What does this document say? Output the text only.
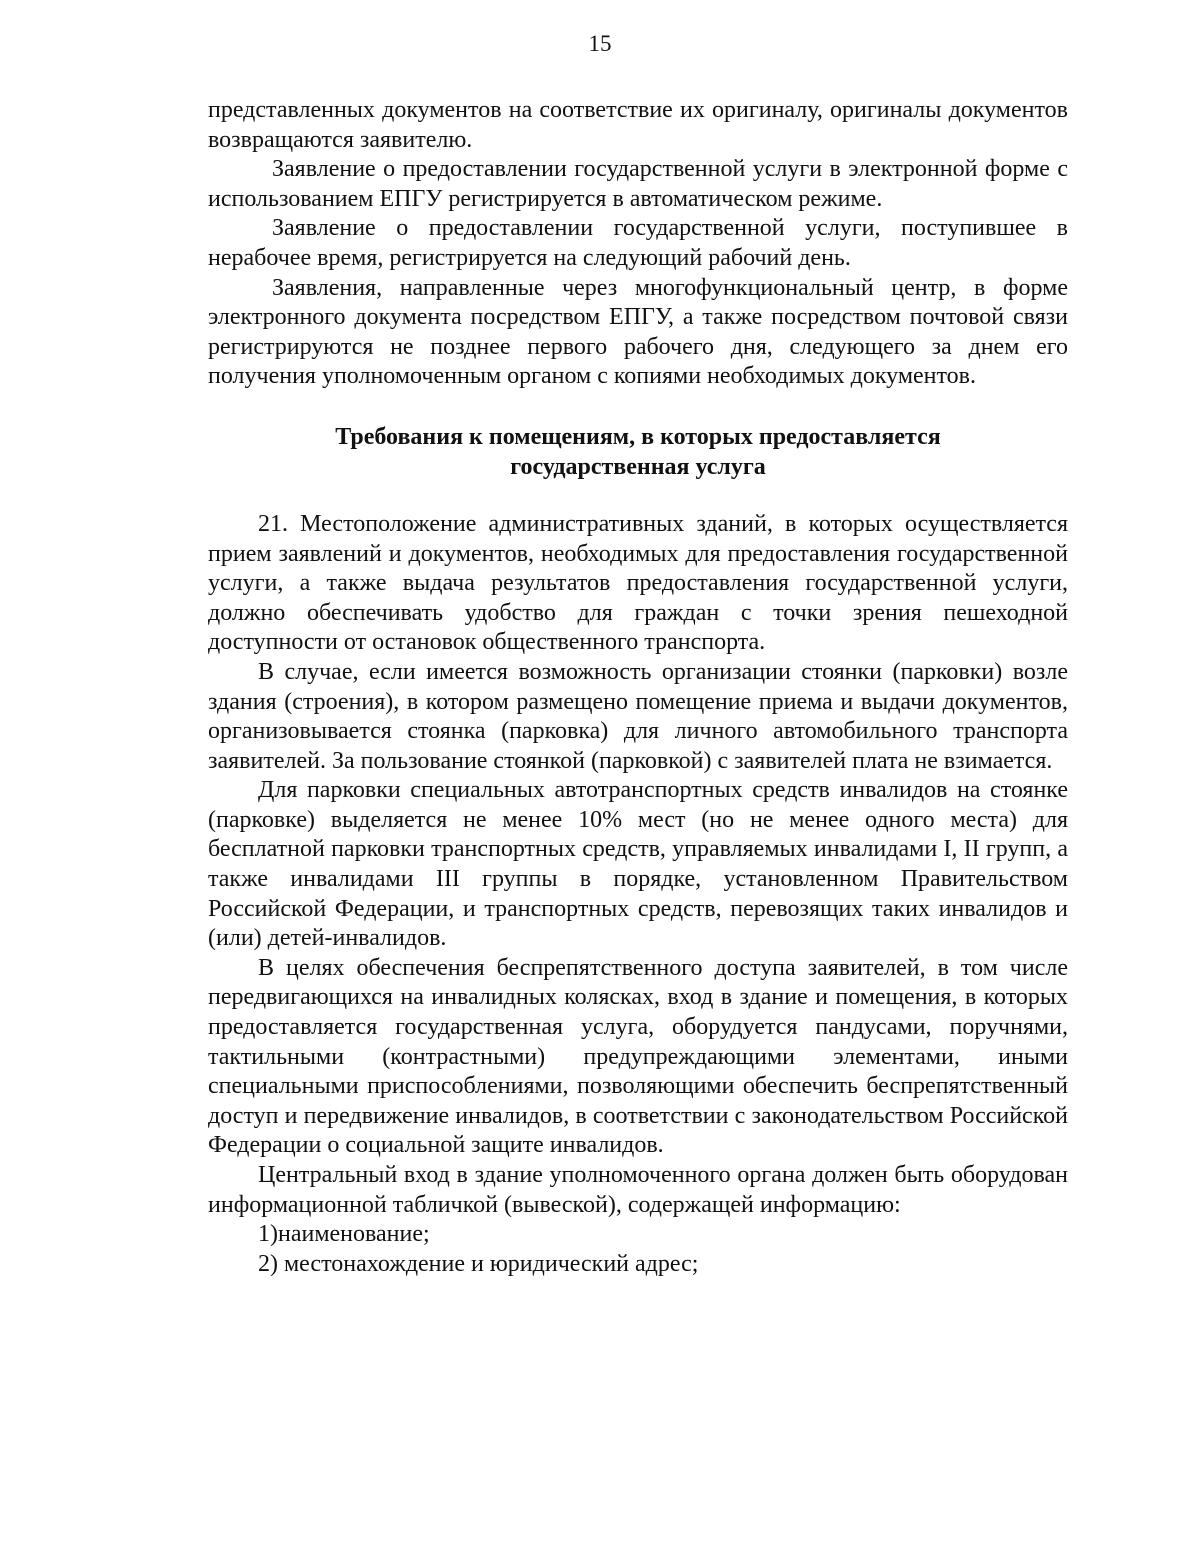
15

представленных документов на соответствие их оригиналу, оригиналы документов возвращаются заявителю.

Заявление о предоставлении государственной услуги в электронной форме с использованием ЕПГУ регистрируется в автоматическом режиме.

Заявление о предоставлении государственной услуги, поступившее в нерабочее время, регистрируется на следующий рабочий день.

Заявления, направленные через многофункциональный центр, в форме электронного документа посредством ЕПГУ, а также посредством почтовой связи регистрируются не позднее первого рабочего дня, следующего за днем его получения уполномоченным органом с копиями необходимых документов.

Требования к помещениям, в которых предоставляется государственная услуга

21. Местоположение административных зданий, в которых осуществляется прием заявлений и документов, необходимых для предоставления государственной услуги, а также выдача результатов предоставления государственной услуги, должно обеспечивать удобство для граждан с точки зрения пешеходной доступности от остановок общественного транспорта.

В случае, если имеется возможность организации стоянки (парковки) возле здания (строения), в котором размещено помещение приема и выдачи документов, организовывается стоянка (парковка) для личного автомобильного транспорта заявителей. За пользование стоянкой (парковкой) с заявителей плата не взимается.

Для парковки специальных автотранспортных средств инвалидов на стоянке (парковке) выделяется не менее 10% мест (но не менее одного места) для бесплатной парковки транспортных средств, управляемых инвалидами I, II групп, а также инвалидами III группы в порядке, установленном Правительством Российской Федерации, и транспортных средств, перевозящих таких инвалидов и (или) детей-инвалидов.

В целях обеспечения беспрепятственного доступа заявителей, в том числе передвигающихся на инвалидных колясках, вход в здание и помещения, в которых предоставляется государственная услуга, оборудуется пандусами, поручнями, тактильными (контрастными) предупреждающими элементами, иными специальными приспособлениями, позволяющими обеспечить беспрепятственный доступ и передвижение инвалидов, в соответствии с законодательством Российской Федерации о социальной защите инвалидов.

Центральный вход в здание уполномоченного органа должен быть оборудован информационной табличкой (вывеской), содержащей информацию:

1)наименование;

2) местонахождение и юридический адрес;
